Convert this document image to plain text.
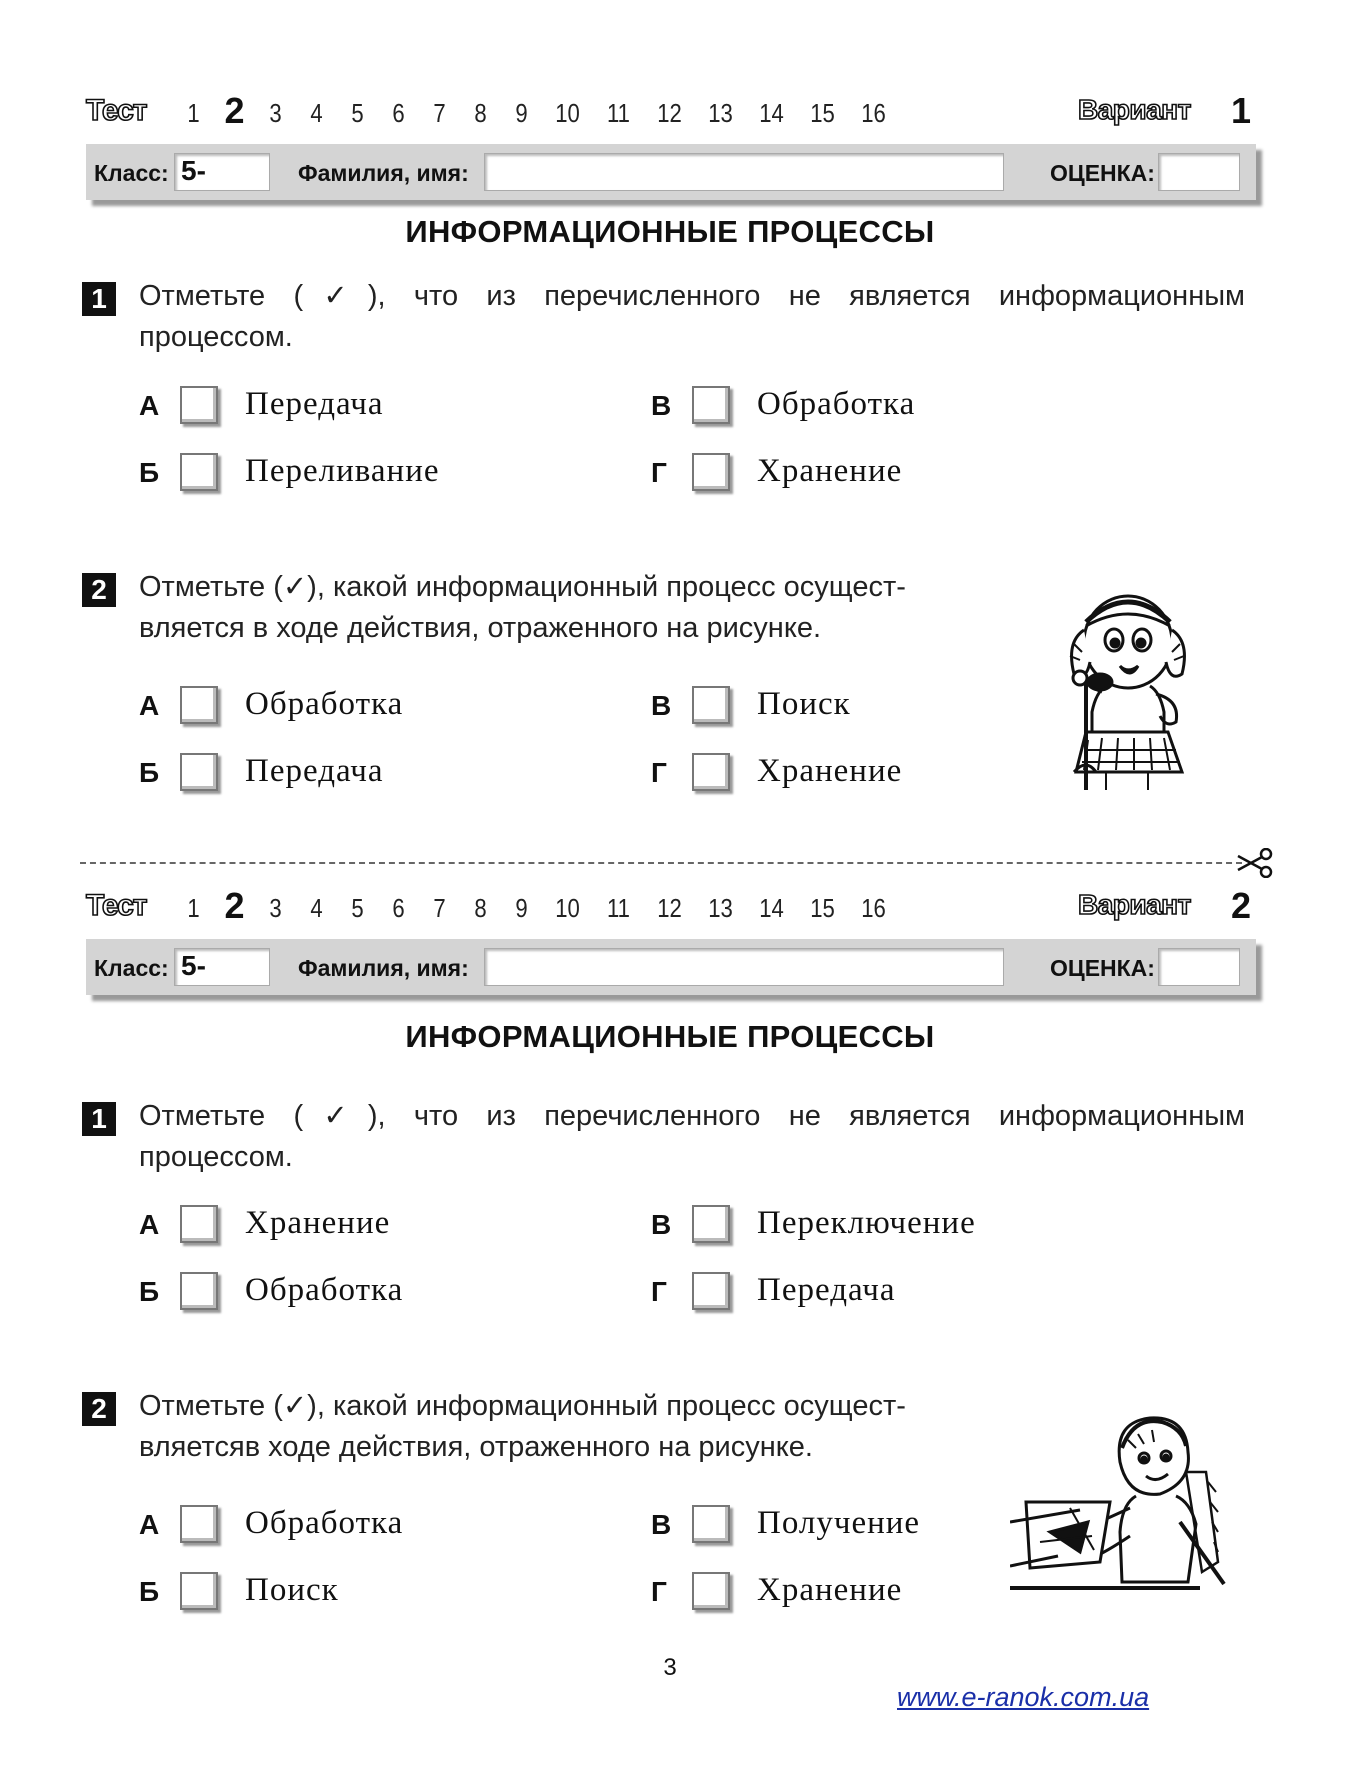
Тест	1 2 3	4	5	6	7	8	9	10	11	12	13	14	15	16	Вариант 1
Класс: 5-	Фамилия, имя:	ОЦЕНКА:
ИНФОРМАЦИОННЫЕ ПРОЦЕССЫ
1	Отметьте (✓), что из перечисленного не является информационным
процессом.
А	Передача
Б	Переливание
В	Обработка
Г	Хранение
2	Отметьте (✓), какой информационный процесс осущест-
вляется в ходе действия, отраженного на рисунке.
А	Обработка
Б	Передача
В	Поиск
Г	Хранение
Тест	1 2 3	4	5	6	7	8	9	10	11	12	13	14	15	16	Вариант 2
Класс: 5-	Фамилия, имя:	ОЦЕНКА:
ИНФОРМАЦИОННЫЕ ПРОЦЕССЫ
1	Отметьте (✓), что из перечисленного не является информационным
процессом.
А	Хранение
Б	Обработка
В	Переключение
Г	Передача
2	Отметьте (✓), какой информационный процесс осущест-
вляетсяв ходе действия, отраженного на рисунке.
А	Обработка
Б	Поиск
В	Получение
Г	Хранение
3
www.e-ranok.com.ua
